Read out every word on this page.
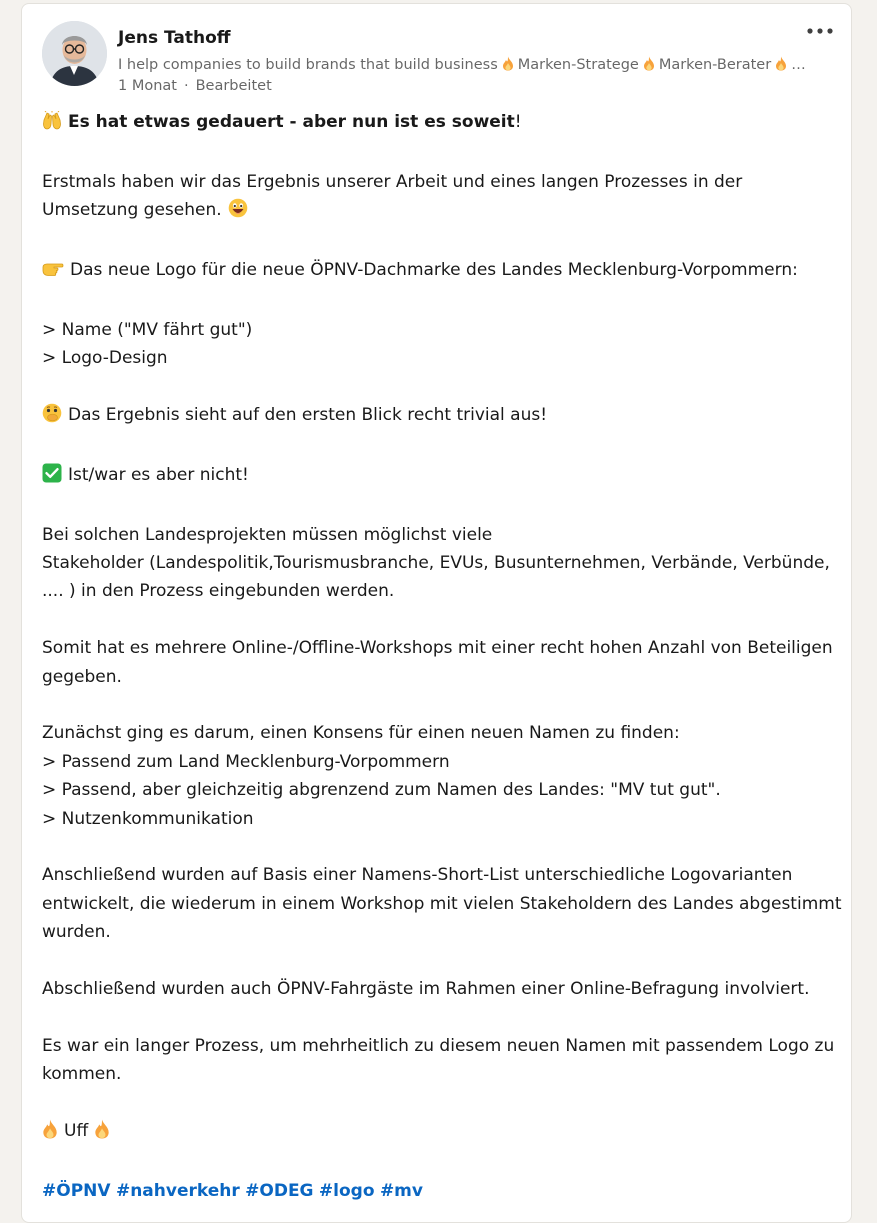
Jens Tathoff
I help companies to build brands that build business Marken-Stratege Marken-Berater …
1 Monat · Bearbeitet

Es hat etwas gedauert - aber nun ist es soweit!

Erstmals haben wir das Ergebnis unserer Arbeit und eines langen Prozesses in der Umsetzung gesehen.

Das neue Logo für die neue ÖPNV-Dachmarke des Landes Mecklenburg-Vorpommern:

> Name ("MV fährt gut")

> Logo-Design

Das Ergebnis sieht auf den ersten Blick recht trivial aus!

Ist/war es aber nicht!

Bei solchen Landesprojekten müssen möglichst viele

Stakeholder (Landespolitik,Tourismusbranche, EVUs, Busunternehmen, Verbände, Verbünde,

.... ) in den Prozess eingebunden werden.

Somit hat es mehrere Online-/Offline-Workshops mit einer recht hohen Anzahl von Beteiligen gegeben.

Zunächst ging es darum, einen Konsens für einen neuen Namen zu finden:

> Passend zum Land Mecklenburg-Vorpommern

> Passend, aber gleichzeitig abgrenzend zum Namen des Landes: "MV tut gut".

> Nutzenkommunikation

Anschließend wurden auf Basis einer Namens-Short-List unterschiedliche Logovarianten entwickelt, die wiederum in einem Workshop mit vielen Stakeholdern des Landes abgestimmt wurden.

Abschließend wurden auch ÖPNV-Fahrgäste im Rahmen einer Online-Befragung involviert.

Es war ein langer Prozess, um mehrheitlich zu diesem neuen Namen mit passendem Logo zu kommen.

Uff

#ÖPNV #nahverkehr #ODEG #logo #mv
